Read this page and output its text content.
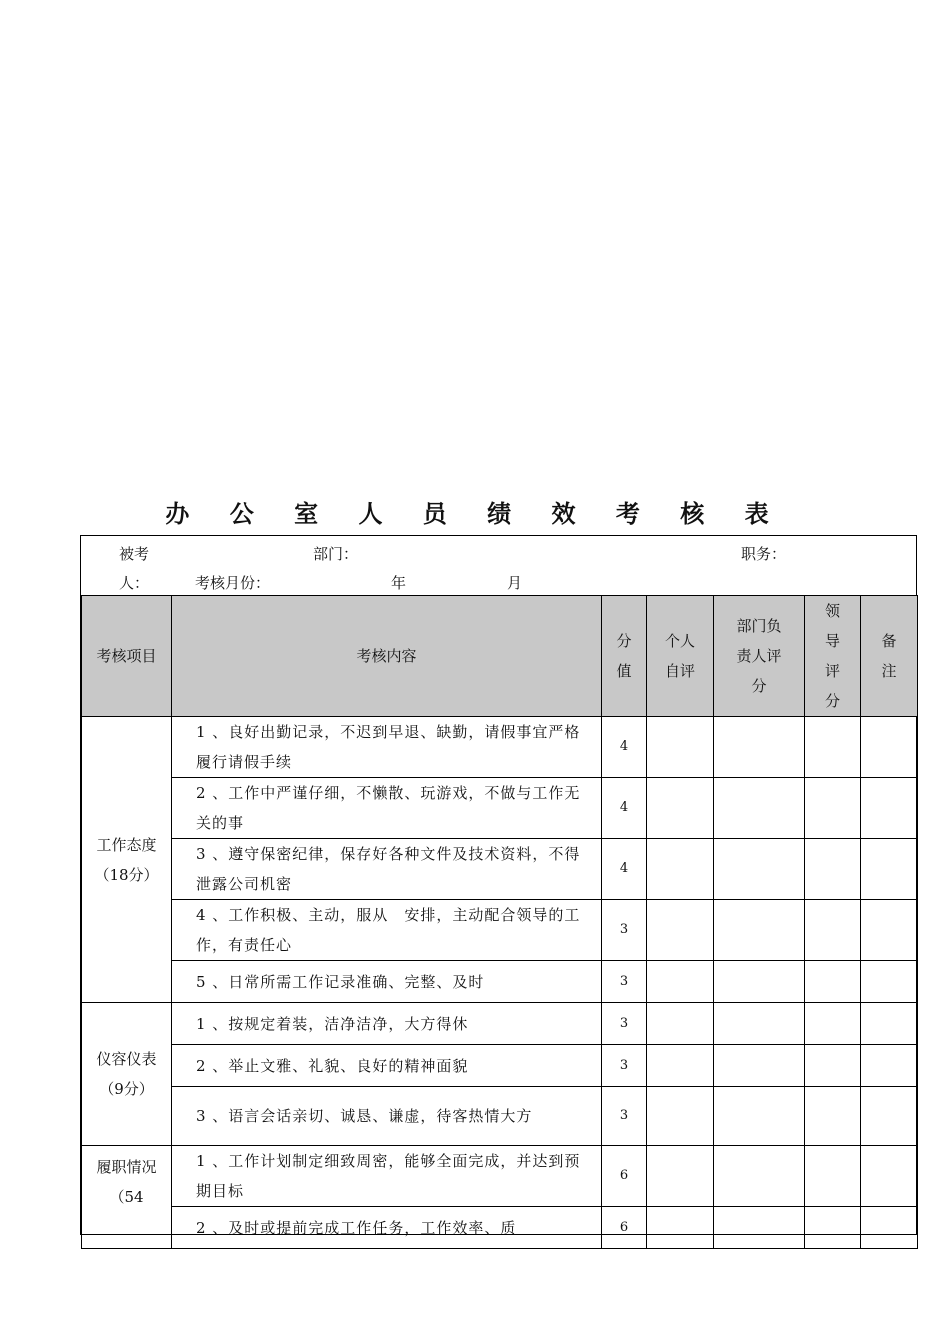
办 公 室 人 员 绩 效 考 核 表
被考	部门：	职务：
人：	考核月份：	年	月
考核项目	考核内容	分值	个人自评	部门负责人评分	领导评分	备注
工作态度（18分）	1 、良好出勤记录，不迟到早退、缺勤，请假事宜严格履行请假手续	4				
	2 、工作中严谨仔细，不懒散、玩游戏，不做与工作无关的事	4				
	3 、遵守保密纪律，保存好各种文件及技术资料，不得泄露公司机密	4				
	4 、工作积极、主动，服从　安排，主动配合领导的工作，有责任心	3				
	5 、日常所需工作记录准确、完整、及时	3				
仪容仪表（9分）	1 、按规定着装，洁净洁净，大方得休	3				
	2 、举止文雅、礼貌、良好的精神面貌	3				
	3 、语言会话亲切、诚恳、谦虚，待客热情大方	3				
履职情况（54	1 、工作计划制定细致周密，能够全面完成，并达到预期目标	6				
	2 、及时或提前完成工作任务，工作效率、质	6				
